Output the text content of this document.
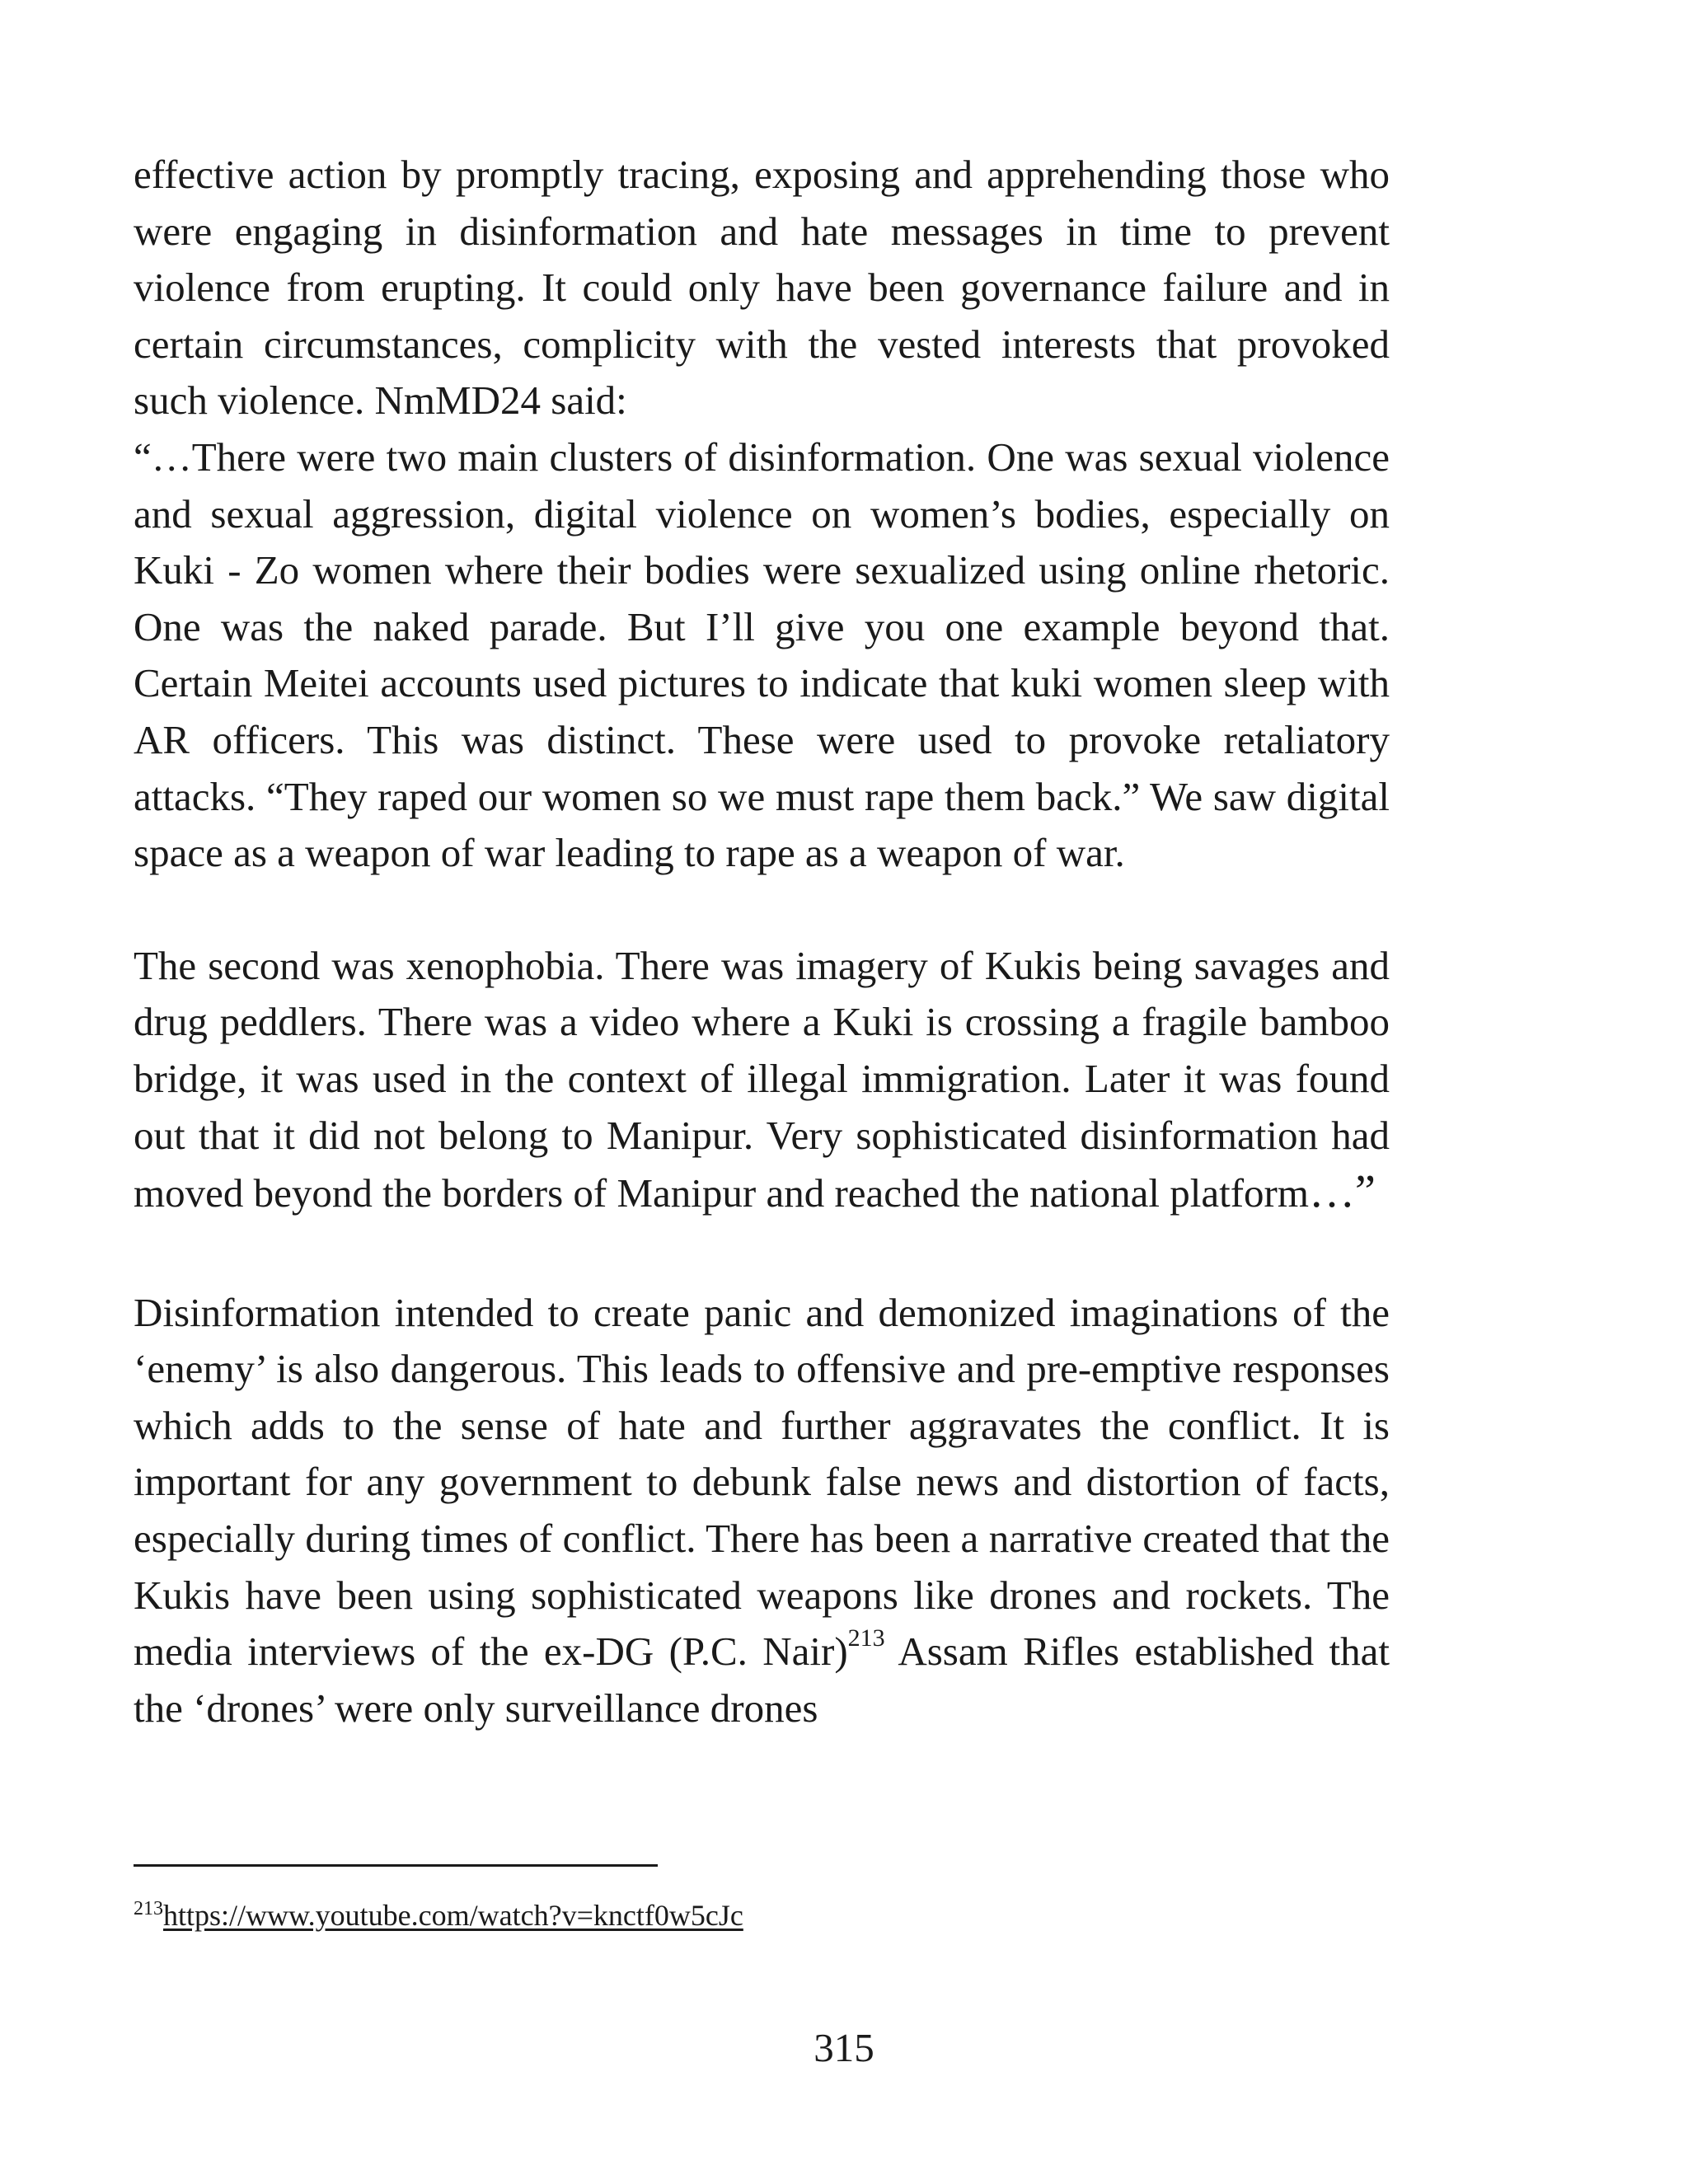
effective action by promptly tracing, exposing and apprehending those who were engaging in disinformation and hate messages in time to prevent violence from erupting. It could only have been governance failure and in certain circumstances, complicity with the vested interests that provoked such violence. NmMD24 said:

“…There were two main clusters of disinformation. One was sexual violence and sexual aggression, digital violence on women’s bodies, especially on Kuki - Zo women where their bodies were sexualized using online rhetoric. One was the naked parade. But I’ll give you one example beyond that. Certain Meitei accounts used pictures to indicate that kuki women sleep with AR officers. This was distinct. These were used to provoke retaliatory attacks. “They raped our women so we must rape them back.” We saw digital space as a weapon of war leading to rape as a weapon of war.

The second was xenophobia. There was imagery of Kukis being savages and drug peddlers. There was a video where a Kuki is crossing a fragile bamboo bridge, it was used in the context of illegal immigration. Later it was found out that it did not belong to Manipur. Very sophisticated disinformation had moved beyond the borders of Manipur and reached the national platform…”

Disinformation intended to create panic and demonized imaginations of the ‘enemy’ is also dangerous. This leads to offensive and pre-emptive responses which adds to the sense of hate and further aggravates the conflict. It is important for any government to debunk false news and distortion of facts, especially during times of conflict. There has been a narrative created that the Kukis have been using sophisticated weapons like drones and rockets. The media interviews of the ex-DG (P.C. Nair)$^{213}$ Assam Rifles established that the ‘drones’ were only surveillance drones

$^{213}$https://www.youtube.com/watch?v=knctf0w5cJc
315
